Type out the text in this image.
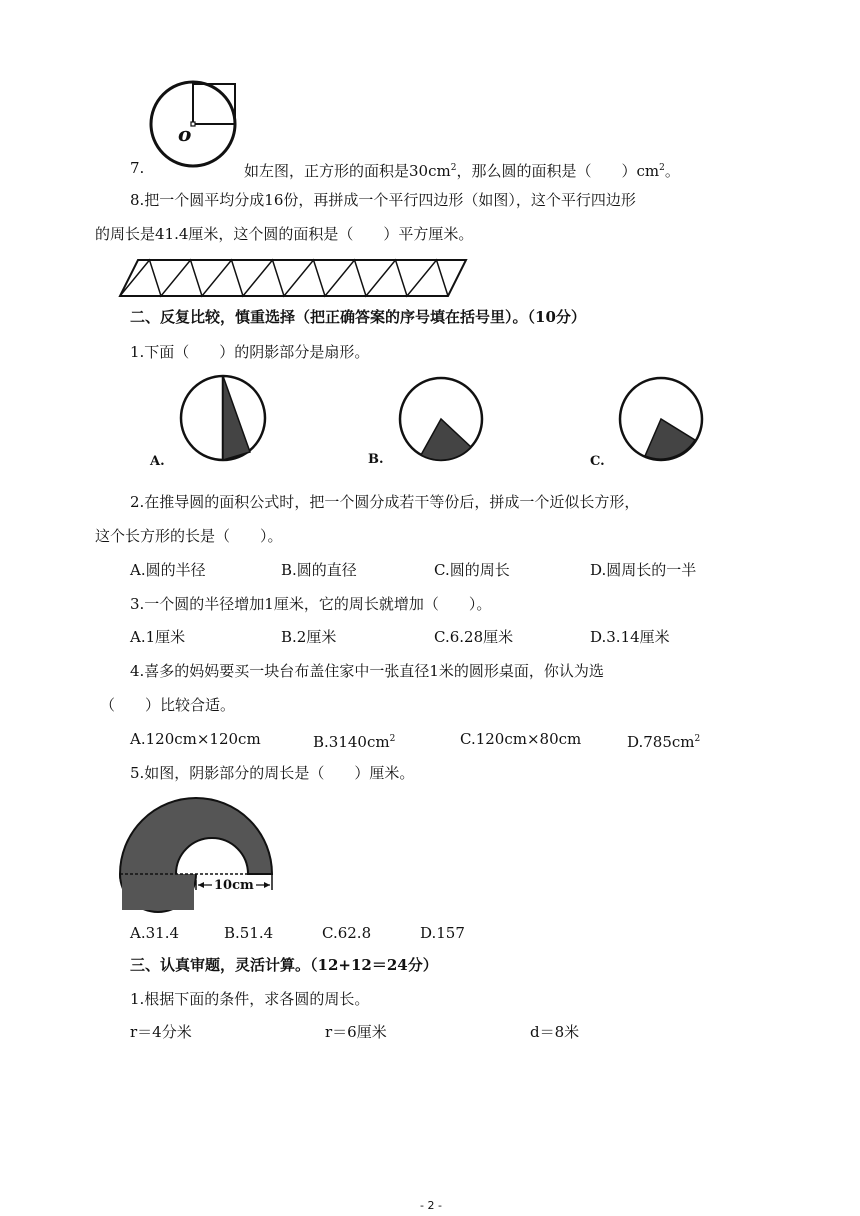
o
7.	如左图，正方形的面积是$30cm^2$，那么圆的面积是（　　）$cm^2$。
8.把一个圆平均分成16份，再拼成一个平行四边形（如图），这个平行四边形
的周长是41.4厘米，这个圆的面积是（　　）平方厘米。
二、反复比较，慎重选择（把正确答案的序号填在括号里）。（10分）
1.下面（　　）的阴影部分是扇形。
A.	B.	C.
2.在推导圆的面积公式时，把一个圆分成若干等份后，拼成一个近似长方形，
这个长方形的长是（　　）。
A.圆的半径	B.圆的直径	C.圆的周长	D.圆周长的一半
3.一个圆的半径增加1厘米，它的周长就增加（　　）。
A.1厘米	B.2厘米	C.6.28厘米	D.3.14厘米
4.喜多的妈妈要买一块台布盖住家中一张直径1米的圆形桌面，你认为选
（　　）比较合适。
A.120cm×120cm	$B.3140cm^2$	C.120cm×80cm	$D.785cm^2$
5.如图，阴影部分的周长是（　　）厘米。
10cm
A.31.4	B.51.4	C.62.8	D.157
三、认真审题，灵活计算。（12+12＝24分）
1.根据下面的条件，求各圆的周长。
r＝4分米	r＝6厘米	d＝8米
- 2 -
